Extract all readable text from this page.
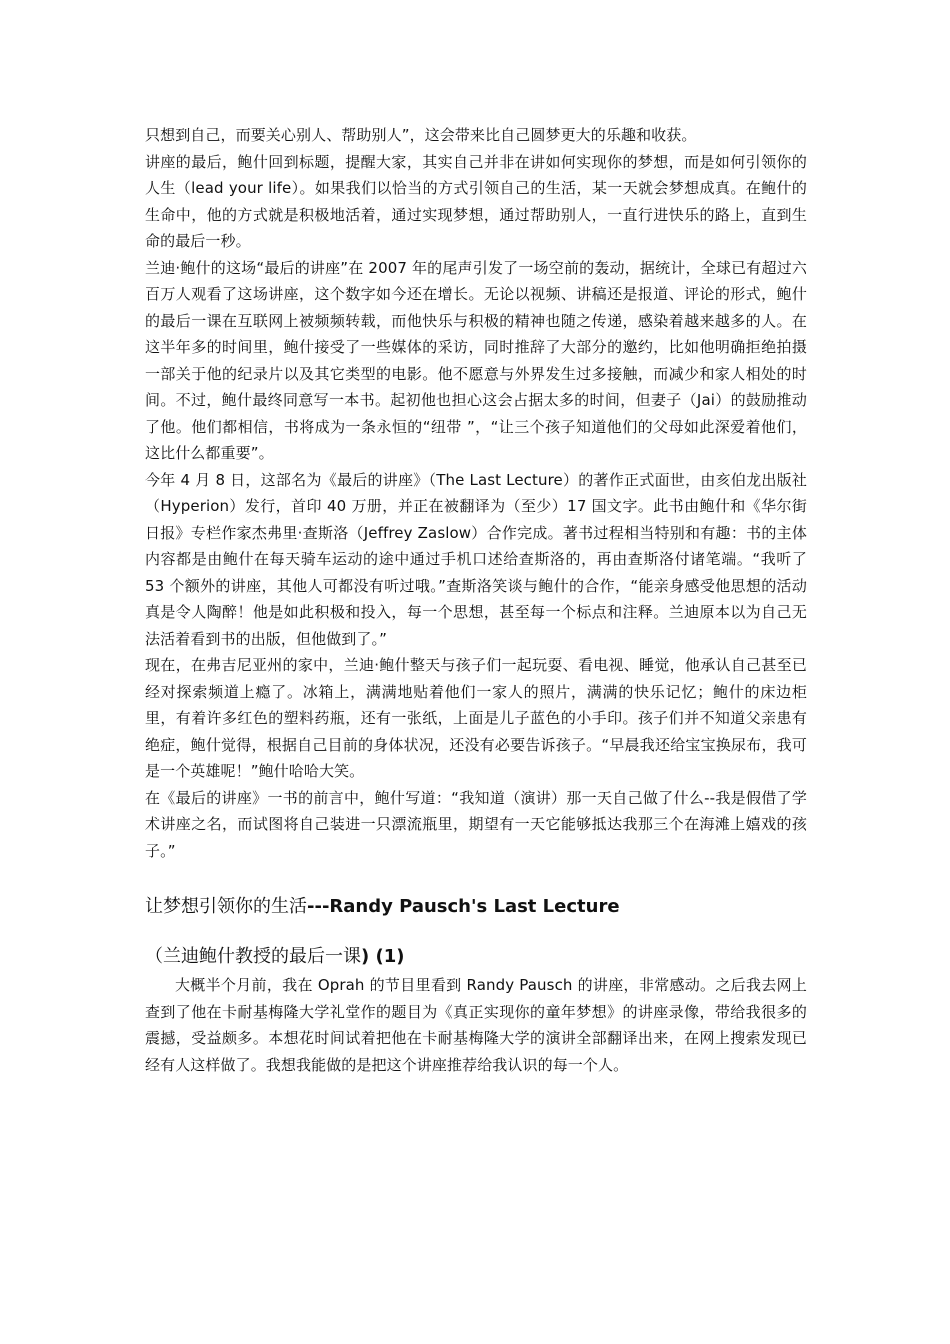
只想到自己，而要关心别人、帮助别人”，这会带来比自己圆梦更大的乐趣和收获。

讲座的最后，鲍什回到标题，提醒大家，其实自己并非在讲如何实现你的梦想，而是如何引领你的人生（lead your life）。如果我们以恰当的方式引领自己的生活，某一天就会梦想成真。在鲍什的生命中，他的方式就是积极地活着，通过实现梦想，通过帮助别人，一直行进快乐的路上，直到生命的最后一秒。

兰迪·鲍什的这场“最后的讲座”在 2007 年的尾声引发了一场空前的轰动，据统计，全球已有超过六百万人观看了这场讲座，这个数字如今还在增长。无论以视频、讲稿还是报道、评论的形式，鲍什的最后一课在互联网上被频频转载，而他快乐与积极的精神也随之传递，感染着越来越多的人。在这半年多的时间里，鲍什接受了一些媒体的采访，同时推辞了大部分的邀约，比如他明确拒绝拍摄一部关于他的纪录片以及其它类型的电影。他不愿意与外界发生过多接触，而减少和家人相处的时间。不过，鲍什最终同意写一本书。起初他也担心这会占据太多的时间，但妻子（Jai）的鼓励推动了他。他们都相信，书将成为一条永恒的“纽带 ”，“让三个孩子知道他们的父母如此深爱着他们，这比什么都重要”。

今年 4 月 8 日，这部名为《最后的讲座》（The Last Lecture）的著作正式面世，由亥伯龙出版社（Hyperion）发行，首印 40 万册，并正在被翻译为（至少）17 国文字。此书由鲍什和《华尔街日报》专栏作家杰弗里·查斯洛（Jeffrey Zaslow）合作完成。著书过程相当特别和有趣：书的主体内容都是由鲍什在每天骑车运动的途中通过手机口述给查斯洛的，再由查斯洛付诸笔端。“我听了 53 个额外的讲座，其他人可都没有听过哦。”查斯洛笑谈与鲍什的合作，“能亲身感受他思想的活动真是令人陶醉！他是如此积极和投入，每一个思想，甚至每一个标点和注释。兰迪原本以为自己无法活着看到书的出版，但他做到了。”

现在，在弗吉尼亚州的家中，兰迪·鲍什整天与孩子们一起玩耍、看电视、睡觉，他承认自己甚至已经对探索频道上瘾了。冰箱上，满满地贴着他们一家人的照片，满满的快乐记忆；鲍什的床边柜里，有着许多红色的塑料药瓶，还有一张纸，上面是儿子蓝色的小手印。孩子们并不知道父亲患有绝症，鲍什觉得，根据自己目前的身体状况，还没有必要告诉孩子。“早晨我还给宝宝换尿布，我可是一个英雄呢！”鲍什哈哈大笑。

在《最后的讲座》一书的前言中，鲍什写道：“我知道（演讲）那一天自己做了什么--我是假借了学术讲座之名，而试图将自己装进一只漂流瓶里，期望有一天它能够抵达我那三个在海滩上嬉戏的孩子。”

让梦想引领你的生活---Randy Pausch's Last Lecture
（兰迪鲍什教授的最后一课) (1)

大概半个月前，我在 Oprah 的节目里看到 Randy Pausch 的讲座，非常感动。之后我去网上查到了他在卡耐基梅隆大学礼堂作的题目为《真正实现你的童年梦想》的讲座录像，带给我很多的震撼，受益颇多。本想花时间试着把他在卡耐基梅隆大学的演讲全部翻译出来，在网上搜索发现已经有人这样做了。我想我能做的是把这个讲座推荐给我认识的每一个人。
